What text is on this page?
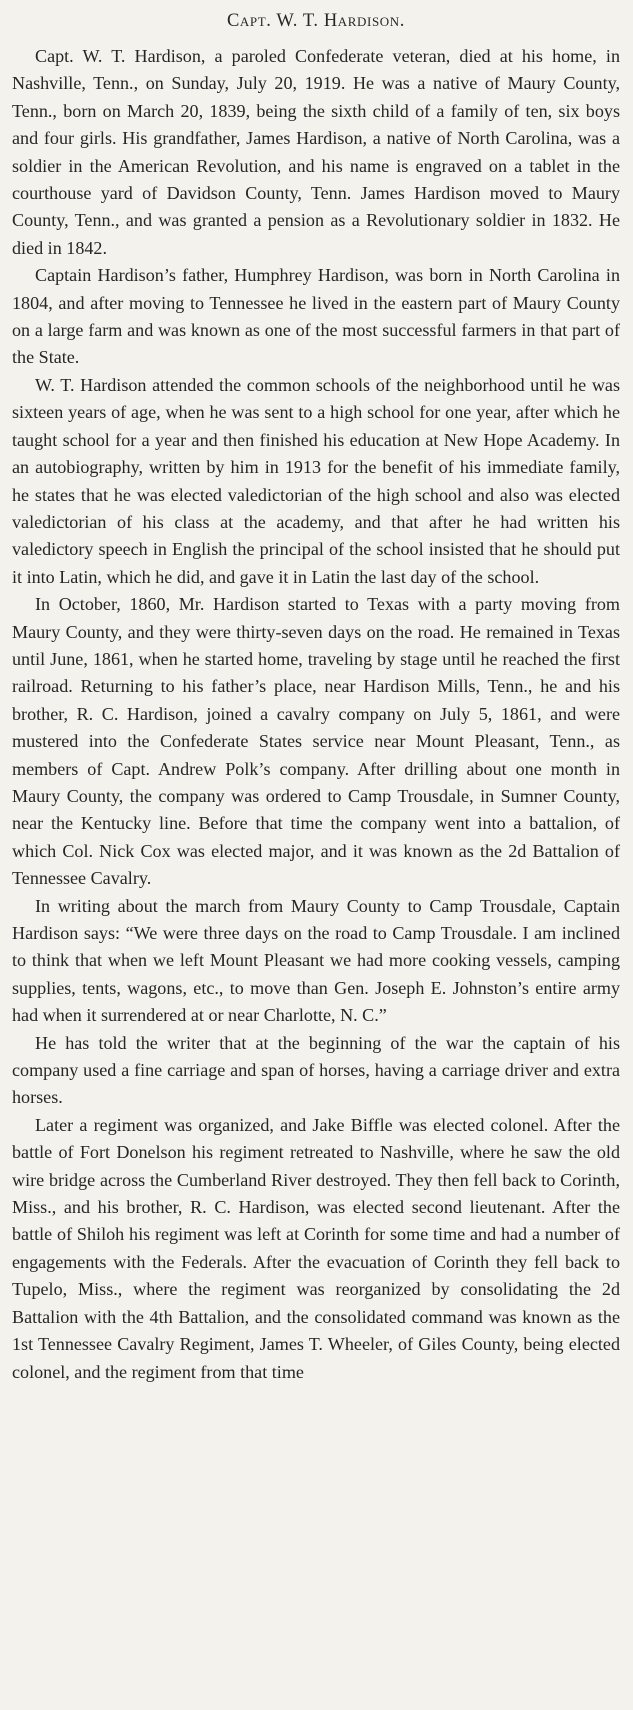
Capt. W. T. Hardison.

Capt. W. T. Hardison, a paroled Confederate veteran, died at his home, in Nashville, Tenn., on Sunday, July 20, 1919. He was a native of Maury County, Tenn., born on March 20, 1839, being the sixth child of a family of ten, six boys and four girls. His grandfather, James Hardison, a native of North Carolina, was a soldier in the American Revolution, and his name is engraved on a tablet in the courthouse yard of Davidson County, Tenn. James Hardison moved to Maury County, Tenn., and was granted a pension as a Revolutionary soldier in 1832. He died in 1842.

Captain Hardison’s father, Humphrey Hardison, was born in North Carolina in 1804, and after moving to Tennessee he lived in the eastern part of Maury County on a large farm and was known as one of the most successful farmers in that part of the State.

W. T. Hardison attended the common schools of the neighborhood until he was sixteen years of age, when he was sent to a high school for one year, after which he taught school for a year and then finished his education at New Hope Academy. In an autobiography, written by him in 1913 for the benefit of his immediate family, he states that he was elected valedictorian of the high school and also was elected valedictorian of his class at the academy, and that after he had written his valedictory speech in English the principal of the school insisted that he should put it into Latin, which he did, and gave it in Latin the last day of the school.

In October, 1860, Mr. Hardison started to Texas with a party moving from Maury County, and they were thirty-seven days on the road. He remained in Texas until June, 1861, when he started home, traveling by stage until he reached the first railroad. Returning to his father’s place, near Hardison Mills, Tenn., he and his brother, R. C. Hardison, joined a cavalry company on July 5, 1861, and were mustered into the Confederate States service near Mount Pleasant, Tenn., as members of Capt. Andrew Polk’s company. After drilling about one month in Maury County, the company was ordered to Camp Trousdale, in Sumner County, near the Kentucky line. Before that time the company went into a battalion, of which Col. Nick Cox was elected major, and it was known as the 2d Battalion of Tennessee Cavalry.

In writing about the march from Maury County to Camp Trousdale, Captain Hardison says: “We were three days on the road to Camp Trousdale. I am inclined to think that when we left Mount Pleasant we had more cooking vessels, camping supplies, tents, wagons, etc., to move than Gen. Joseph E. Johnston’s entire army had when it surrendered at or near Charlotte, N. C.”

He has told the writer that at the beginning of the war the captain of his company used a fine carriage and span of horses, having a carriage driver and extra horses.

Later a regiment was organized, and Jake Biffle was elected colonel. After the battle of Fort Donelson his regiment retreated to Nashville, where he saw the old wire bridge across the Cumberland River destroyed. They then fell back to Corinth, Miss., and his brother, R. C. Hardison, was elected second lieutenant. After the battle of Shiloh his regiment was left at Corinth for some time and had a number of engagements with the Federals. After the evacuation of Corinth they fell back to Tupelo, Miss., where the regiment was reorganized by consolidating the 2d Battalion with the 4th Battalion, and the consolidated command was known as the 1st Tennessee Cavalry Regiment, James T. Wheeler, of Giles County, being elected colonel, and the regiment from that time
